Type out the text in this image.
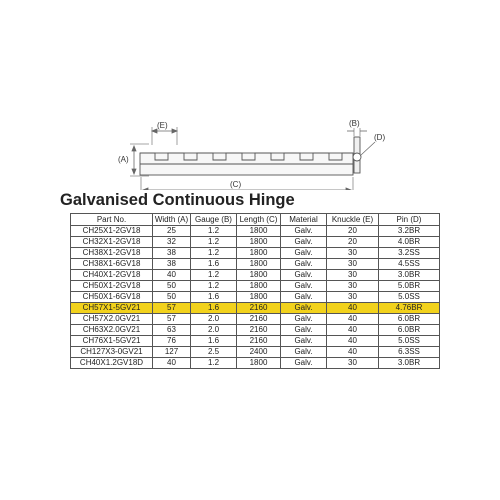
(A)
(B)
(C)
(D)
(E)
Galvanised Continuous Hinge
Part No.	Width (A)	Gauge (B)	Length (C)	Material	Knuckle (E)	Pin (D)
CH25X1-2GV18	25	1.2	1800	Galv.	20	3.2BR
CH32X1-2GV18	32	1.2	1800	Galv.	20	4.0BR
CH38X1-2GV18	38	1.2	1800	Galv.	30	3.2SS
CH38X1-6GV18	38	1.6	1800	Galv.	30	4.5SS
CH40X1-2GV18	40	1.2	1800	Galv.	30	3.0BR
CH50X1-2GV18	50	1.2	1800	Galv.	30	5.0BR
CH50X1-6GV18	50	1.6	1800	Galv.	30	5.0SS
CH57X1-5GV21	57	1.6	2160	Galv.	40	4.76BR
CH57X2.0GV21	57	2.0	2160	Galv.	40	6.0BR
CH63X2.0GV21	63	2.0	2160	Galv.	40	6.0BR
CH76X1-5GV21	76	1.6	2160	Galv.	40	5.0SS
CH127X3-0GV21	127	2.5	2400	Galv.	40	6.3SS
CH40X1.2GV18D	40	1.2	1800	Galv.	30	3.0BR
